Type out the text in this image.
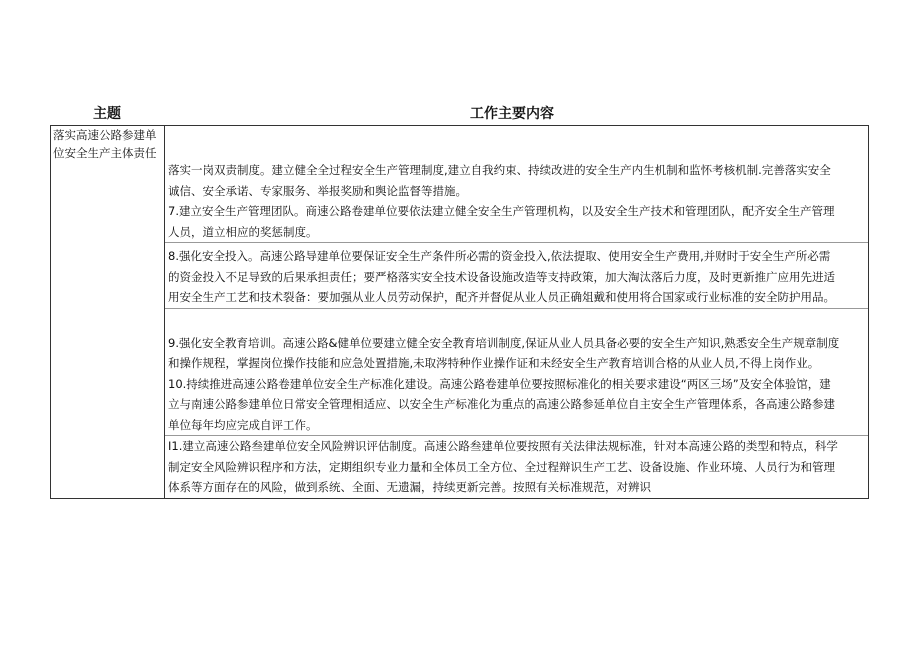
主题	工作主要内容
落实高速公路参建单位安全生产主体责任

落实一岗双责制度。建立健全全过程安全生产管理制度,建立自我约束、持续改进的安全生产内生机制和监怀考核机制.完善落实安全

诚信、安全承诺、专家服务、举报奖励和舆论监督等措施。

7.建立安全生产管理团队。商速公路卷建单位要依法建立健全安全生产管理机构，以及安全生产技术和管理团队，配齐安全生产管理

人员，道立相应的奖惩制度。

8.强化安全投入。高速公路导建单位要保证安全生产条件所必需的资金投入,依法提取、使用安全生产费用,并财时于安全生产所必需

的资金投入不足导致的后果承担责任；要严格落实安全技术设备设施改造等支持政策，加大淘汰落后力度，及时更新推广应用先进适

用安全生产工艺和技术裂备：要加强从业人员劳动保护，配齐并督促从业人员正确俎戴和使用将合国家或行业标准的安全防护用品。

9.强化安全教育培训。高速公路&健单位要建立健全安全教育培训制度,保证从业人员具备必要的安全生产知识,熟悉安全生产规章制度

和操作规程，掌握岗位操作技能和应急处置措施,未取涔特种作业操作证和未经安全生产教育培训合格的从业人员,不得上岗作业。

10.持续推进高速公路卷建单位安全生产标准化建设。高速公路卷建单位要按照标准化的相关要求建设“两区三场”及安全体验馆，建

立与南速公路参建单位日常安全管理相适应、以安全生产标准化为重点的高速公路参延单位自主安全生产管理体系，各高速公路参建

单位每年均应完成自评工作。

I1.建立高速公路叁建单位安全风险辨识评估制度。高速公路叁建单位要按照有关法律法规标准，针对本高速公路的类型和特点，科学

制定安全风险辨识程序和方法，定期组织专业力量和全体员工全方位、全过程辩识生产工艺、设备设施、作业环境、人员行为和管理

体系等方面存在的风险，做到系统、全面、无遗漏，持续更新完善。按照有关标准规范，对辨识
